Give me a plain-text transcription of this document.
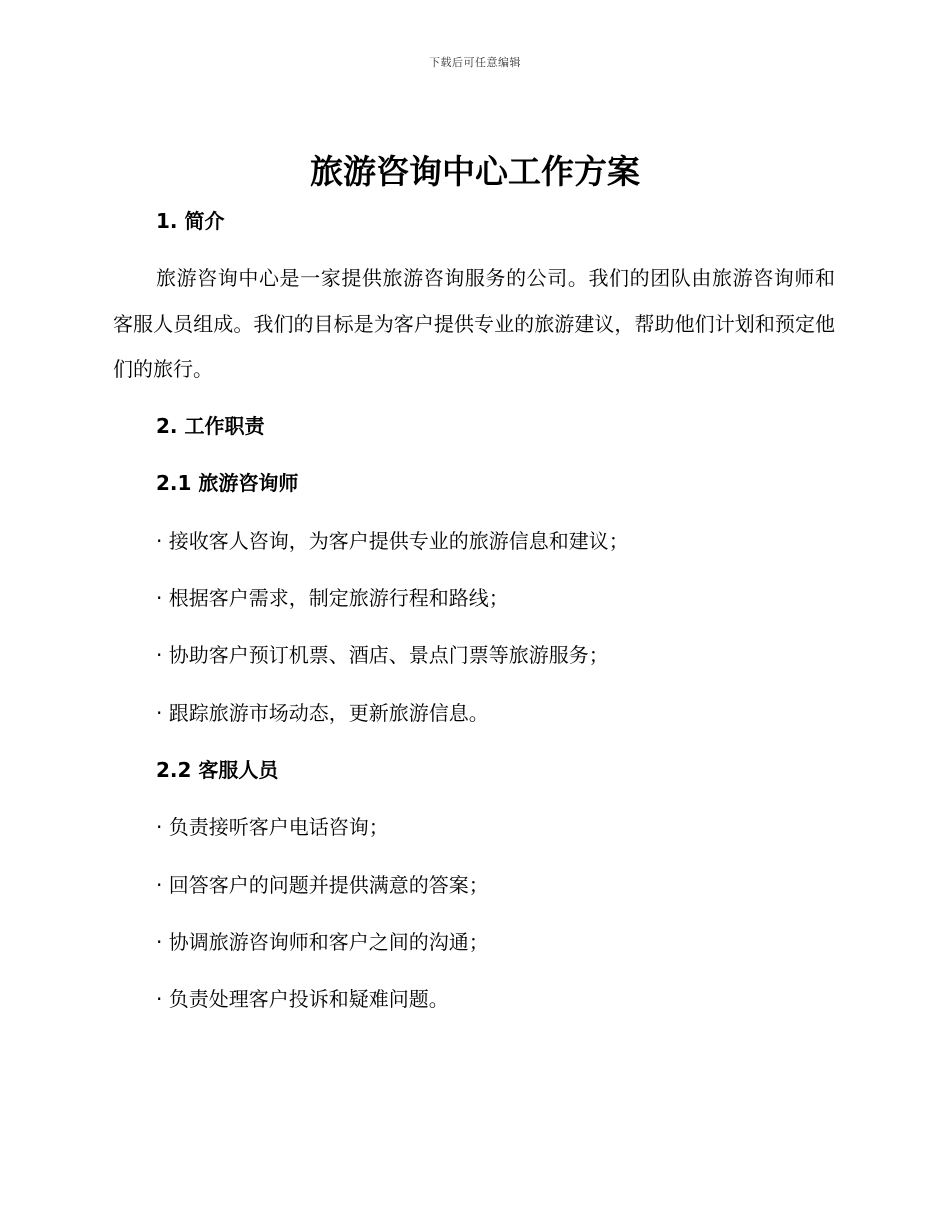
下载后可任意编辑
旅游咨询中心工作方案
1. 简介

旅游咨询中心是一家提供旅游咨询服务的公司。我们的团队由旅游咨询师和客服人员组成。我们的目标是为客户提供专业的旅游建议，帮助他们计划和预定他们的旅行。

2. 工作职责
2.1 旅游咨询师
· 接收客人咨询，为客户提供专业的旅游信息和建议；
· 根据客户需求，制定旅游行程和路线；
· 协助客户预订机票、酒店、景点门票等旅游服务；
· 跟踪旅游市场动态，更新旅游信息。
2.2 客服人员
· 负责接听客户电话咨询；
· 回答客户的问题并提供满意的答案；
· 协调旅游咨询师和客户之间的沟通；
· 负责处理客户投诉和疑难问题。
